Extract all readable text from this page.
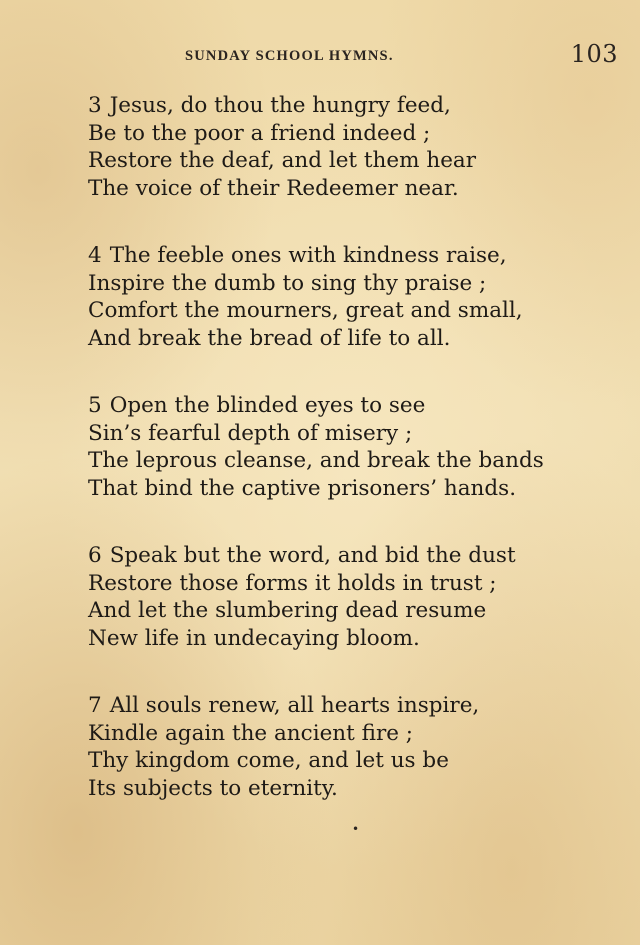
SUNDAY SCHOOL HYMNS.	103

3 Jesus, do thou the hungry feed,
Be to the poor a friend indeed ;
Restore the deaf, and let them hear
The voice of their Redeemer near.

4 The feeble ones with kindness raise,
Inspire the dumb to sing thy praise ;
Comfort the mourners, great and small,
And break the bread of life to all.

5 Open the blinded eyes to see
Sin’s fearful depth of misery ;
The leprous cleanse, and break the bands
That bind the captive prisoners’ hands.

6 Speak but the word, and bid the dust
Restore those forms it holds in trust ;
And let the slumbering dead resume
New life in undecaying bloom.

7 All souls renew, all hearts inspire,
Kindle again the ancient fire ;
Thy kingdom come, and let us be
Its subjects to eternity.

•
